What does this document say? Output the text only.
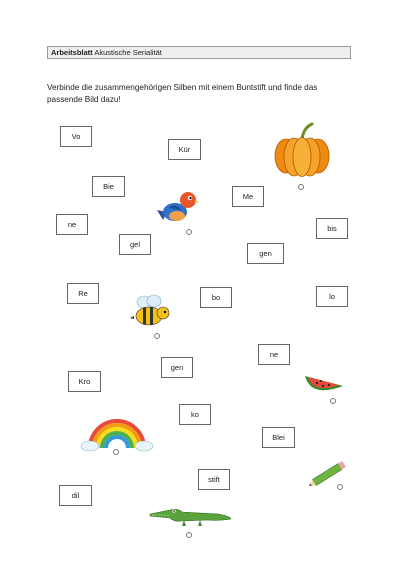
Arbeitsblatt Akustische Serialität
Verbinde die zusammengehörigen Silben mit einem Buntstift und finde das passende Bild dazu!
Vo
Kür
Bie
Me
ne	bis
gel
gen
Re	bo	lo
ne
gen
Kro
ko
Blei
stift
dil
